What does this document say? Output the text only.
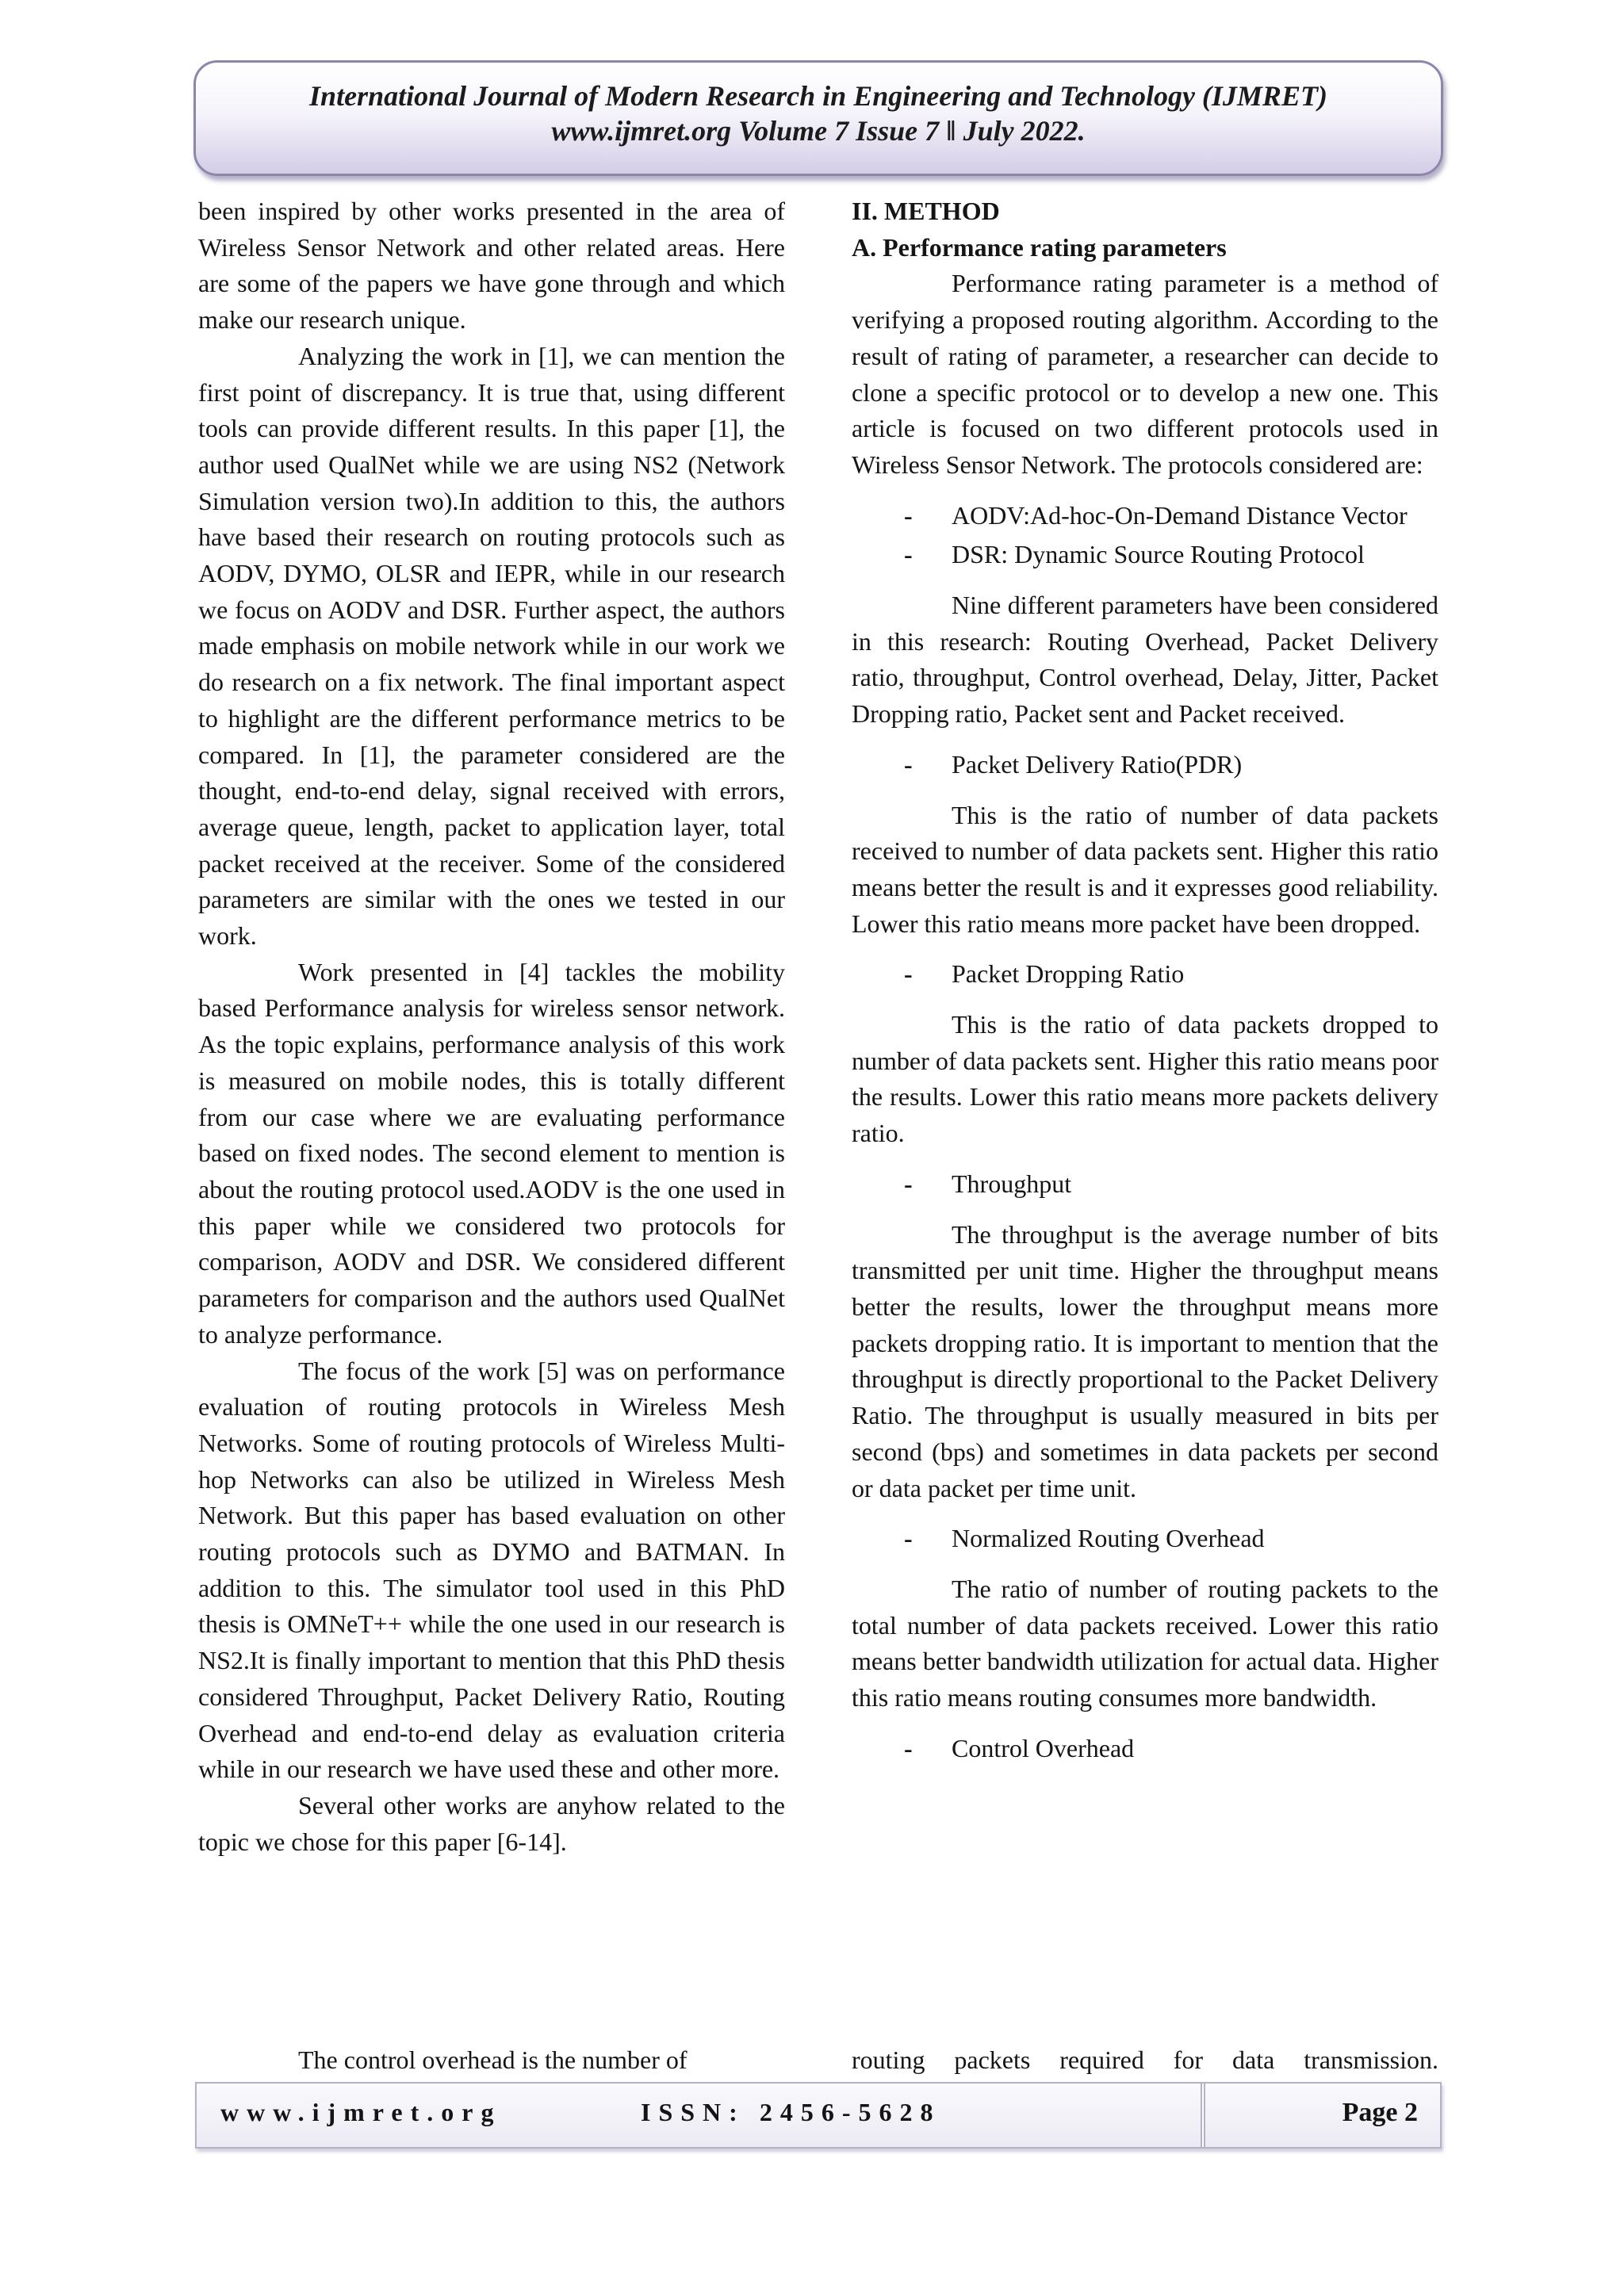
International Journal of Modern Research in Engineering and Technology (IJMRET)
www.ijmret.org Volume 7 Issue 7 ǁ July 2022.

been inspired by other works presented in the area of Wireless Sensor Network and other related areas. Here are some of the papers we have gone through and which make our research unique.

Analyzing the work in [1], we can mention the first point of discrepancy. It is true that, using different tools can provide different results. In this paper [1], the author used QualNet while we are using NS2 (Network Simulation version two).In addition to this, the authors have based their research on routing protocols such as AODV, DYMO, OLSR and IEPR, while in our research we focus on AODV and DSR. Further aspect, the authors made emphasis on mobile network while in our work we do research on a fix network. The final important aspect to highlight are the different performance metrics to be compared. In [1], the parameter considered are the thought, end-to-end delay, signal received with errors, average queue, length, packet to application layer, total packet received at the receiver. Some of the considered parameters are similar with the ones we tested in our work.

Work presented in [4] tackles the mobility based Performance analysis for wireless sensor network. As the topic explains, performance analysis of this work is measured on mobile nodes, this is totally different from our case where we are evaluating performance based on fixed nodes. The second element to mention is about the routing protocol used.AODV is the one used in this paper while we considered two protocols for comparison, AODV and DSR. We considered different parameters for comparison and the authors used QualNet to analyze performance.

The focus of the work [5] was on performance evaluation of routing protocols in Wireless Mesh Networks. Some of routing protocols of Wireless Multi-hop Networks can also be utilized in Wireless Mesh Network. But this paper has based evaluation on other routing protocols such as DYMO and BATMAN. In addition to this. The simulator tool used in this PhD thesis is OMNeT++ while the one used in our research is NS2.It is finally important to mention that this PhD thesis considered Throughput, Packet Delivery Ratio, Routing Overhead and end-to-end delay as evaluation criteria while in our research we have used these and other more.

Several other works are anyhow related to the topic we chose for this paper [6-14].

II. METHOD

A. Performance rating parameters

Performance rating parameter is a method of verifying a proposed routing algorithm. According to the result of rating of parameter, a researcher can decide to clone a specific protocol or to develop a new one. This article is focused on two different protocols used in Wireless Sensor Network. The protocols considered are:

- AODV:Ad-hoc-On-Demand Distance Vector
- DSR: Dynamic Source Routing Protocol

Nine different parameters have been considered in this research: Routing Overhead, Packet Delivery ratio, throughput, Control overhead, Delay, Jitter, Packet Dropping ratio, Packet sent and Packet received.

- Packet Delivery Ratio(PDR)

This is the ratio of number of data packets received to number of data packets sent. Higher this ratio means better the result is and it expresses good reliability. Lower this ratio means more packet have been dropped.

- Packet Dropping Ratio

This is the ratio of data packets dropped to number of data packets sent. Higher this ratio means poor the results. Lower this ratio means more packets delivery ratio.

- Throughput

The throughput is the average number of bits transmitted per unit time. Higher the throughput means better the results, lower the throughput means more packets dropping ratio. It is important to mention that the throughput is directly proportional to the Packet Delivery Ratio. The throughput is usually measured in bits per second (bps) and sometimes in data packets per second or data packet per time unit.

- Normalized Routing Overhead

The ratio of number of routing packets to the total number of data packets received. Lower this ratio means better bandwidth utilization for actual data. Higher this ratio means routing consumes more bandwidth.

- Control Overhead
The control overhead is the number of	routing packets required for data transmission.
www.ijmret.org	ISSN: 2456-5628	Page 2
